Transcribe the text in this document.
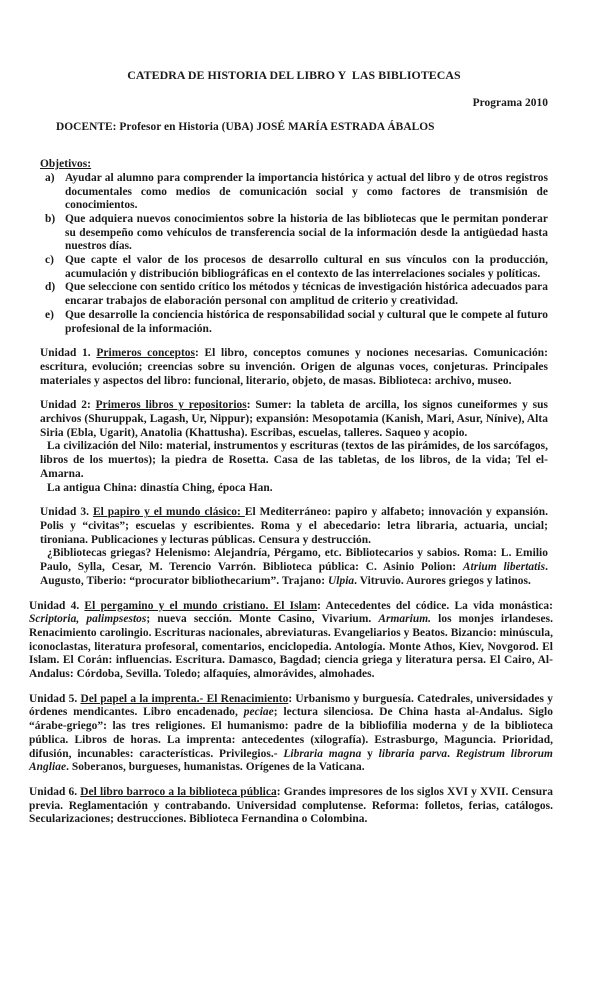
CATEDRA DE HISTORIA DEL LIBRO Y  LAS BIBLIOTECAS
Programa 2010
DOCENTE: Profesor en Historia (UBA) JOSÉ MARÍA ESTRADA ÁBALOS
Objetivos:
a) Ayudar al alumno para comprender la importancia histórica y actual del libro y de otros registros documentales como medios de comunicación social y como factores de transmisión de conocimientos.
b) Que adquiera nuevos conocimientos sobre la historia de las bibliotecas que le permitan ponderar su desempeño como vehículos de transferencia social de la información desde la antigüedad hasta nuestros días.
c) Que capte el valor de los procesos de desarrollo cultural en sus vínculos con la producción, acumulación y distribución bibliográficas en el contexto de las interrelaciones sociales y políticas.
d) Que seleccione con sentido crítico los métodos y técnicas de investigación histórica adecuados para encarar trabajos de elaboración personal con amplitud de criterio y creatividad.
e) Que desarrolle la conciencia histórica de responsabilidad social y cultural que le compete al futuro profesional de la información.

Unidad 1. Primeros conceptos: El libro, conceptos comunes y nociones necesarias. Comunicación: escritura, evolución; creencias sobre su invención. Origen de algunas voces, conjeturas. Principales materiales y aspectos del libro: funcional, literario, objeto, de masas. Biblioteca: archivo, museo.

Unidad 2: Primeros libros y repositorios: Sumer: la tableta de arcilla, los signos cuneiformes y sus archivos (Shuruppak, Lagash, Ur, Nippur); expansión: Mesopotamia (Kanish, Mari, Asur, Nínive), Alta Siria (Ebla, Ugarit), Anatolia (Khattusha). Escribas, escuelas, talleres. Saqueo y acopio.

La civilización del Nilo: material, instrumentos y escrituras (textos de las pirámides, de los sarcófagos, libros de los muertos); la piedra de Rosetta. Casa de las tabletas, de los libros, de la vida; Tel el-Amarna.

La antigua China: dinastía Ching, época Han.

Unidad 3. El papiro y el mundo clásico: El Mediterráneo: papiro y alfabeto; innovación y expansión. Polis y “civitas”; escuelas y escribientes. Roma y el abecedario: letra libraria, actuaria, uncial; tironiana. Publicaciones y lecturas públicas. Censura y destrucción.

¿Bibliotecas griegas? Helenismo: Alejandría, Pérgamo, etc. Bibliotecarios y sabios. Roma: L. Emilio Paulo, Sylla, Cesar, M. Terencio Varrón. Biblioteca pública: C. Asinio Polion: Atrium libertatis. Augusto, Tiberio: “procurator bibliothecarium”. Trajano: Ulpia. Vitruvio. Aurores griegos y latinos.

Unidad 4. El pergamino y el mundo cristiano. El Islam: Antecedentes del códice. La vida monástica: Scriptoria, palimpsestos; nueva sección. Monte Casino, Vivarium. Armarium. los monjes irlandeses. Renacimiento carolingio. Escrituras nacionales, abreviaturas. Evangeliarios y Beatos. Bizancio: minúscula, iconoclastas, literatura profesoral, comentarios, enciclopedia. Antología. Monte Athos, Kiev, Novgorod. El Islam. El Corán: influencias. Escritura. Damasco, Bagdad; ciencia griega y literatura persa. El Cairo, Al-Andalus: Córdoba, Sevilla. Toledo; alfaquíes, almorávides, almohades.

Unidad 5. Del papel a la imprenta.- El Renacimiento: Urbanismo y burguesía. Catedrales, universidades y órdenes mendicantes. Libro encadenado, peciae; lectura silenciosa. De China hasta al-Andalus. Siglo “árabe-griego”: las tres religiones. El humanismo: padre de la bibliofilia moderna y de la biblioteca pública. Libros de horas. La imprenta: antecedentes (xilografía). Estrasburgo, Maguncia. Prioridad, difusión, incunables: características. Privilegios.- Libraria magna y libraria parva. Registrum librorum Angliae. Soberanos, burgueses, humanistas. Orígenes de la Vaticana.

Unidad 6. Del libro barroco a la biblioteca pública: Grandes impresores de los siglos XVI y XVII. Censura previa. Reglamentación y contrabando. Universidad complutense. Reforma: folletos, ferias, catálogos. Secularizaciones; destrucciones. Biblioteca Fernandina o Colombina.
